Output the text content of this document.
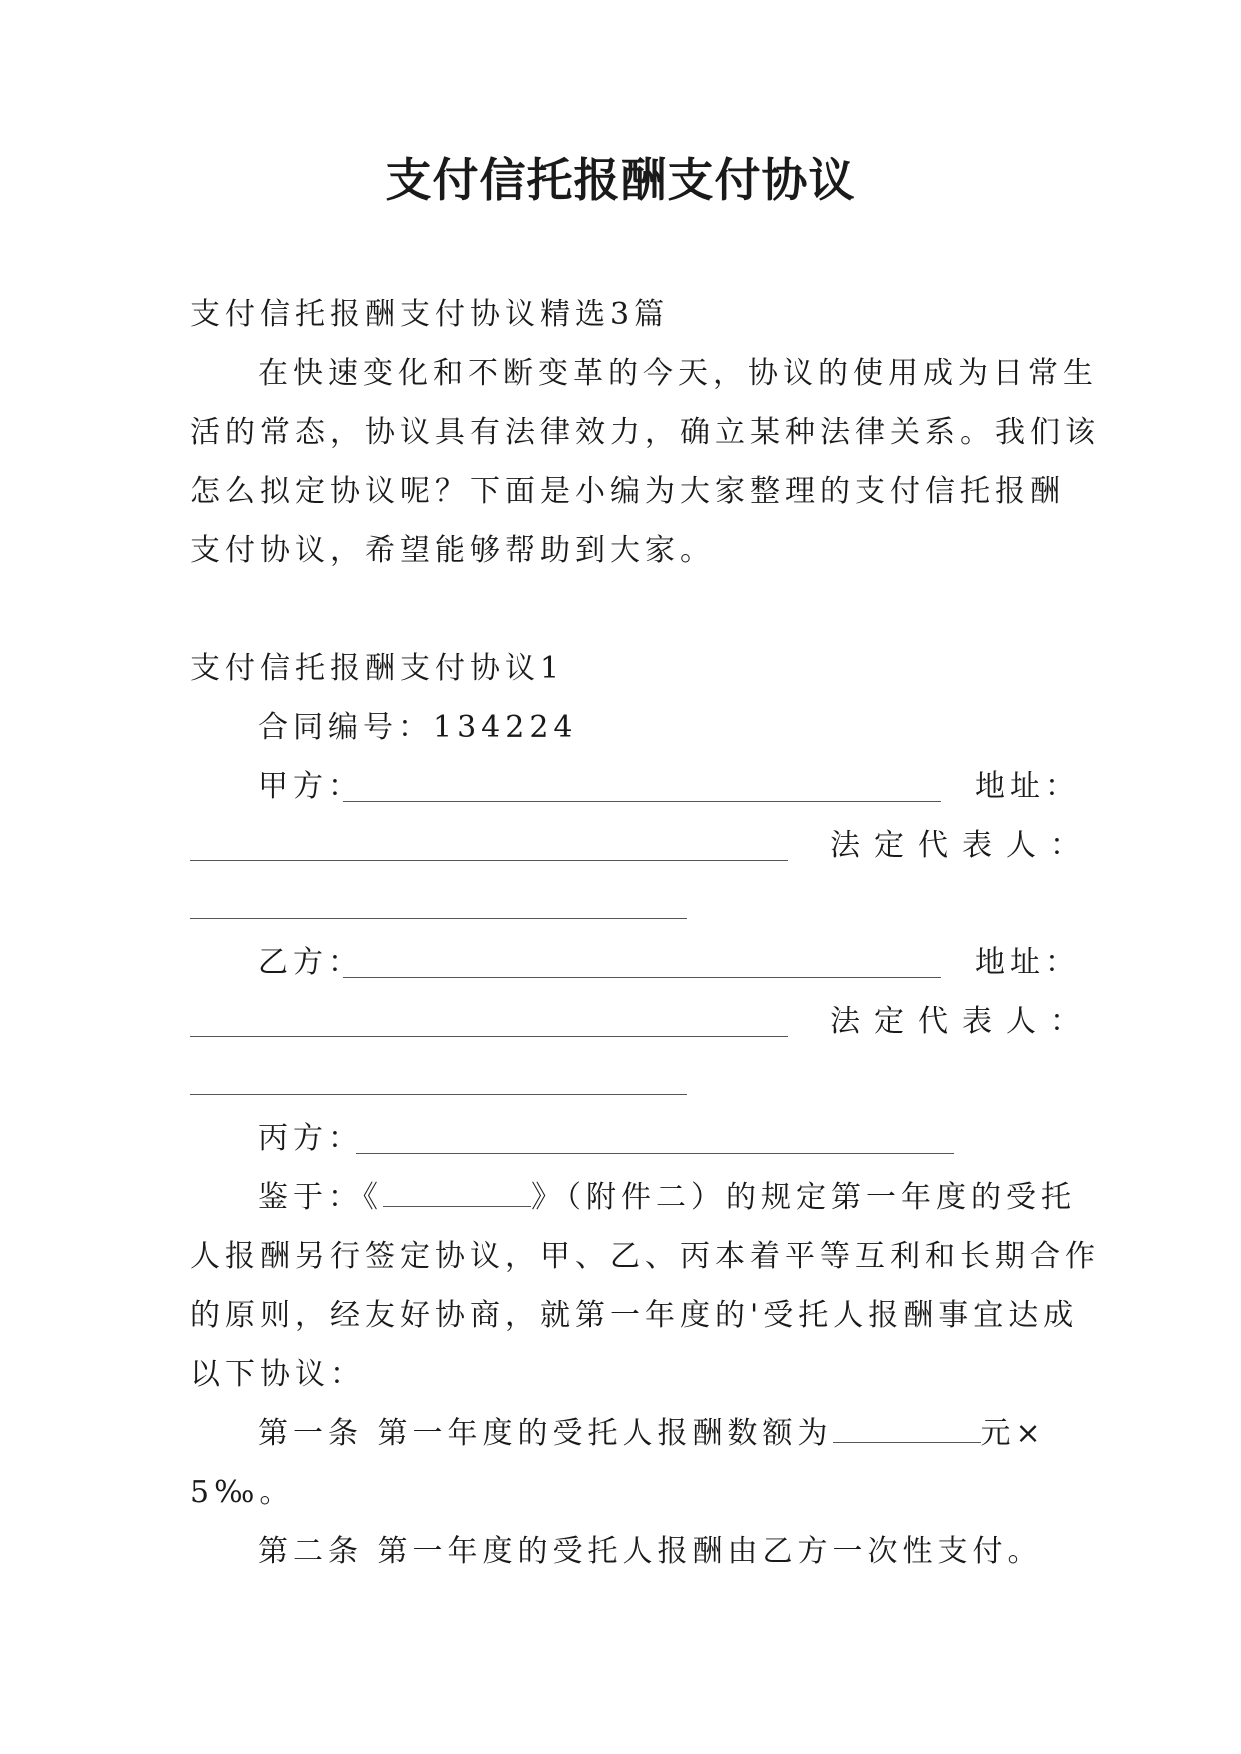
支付信托报酬支付协议
支付信托报酬支付协议精选3篇
在快速变化和不断变革的今天，协议的使用成为日常生
活的常态，协议具有法律效力，确立某种法律关系。我们该
怎么拟定协议呢？下面是小编为大家整理的支付信托报酬
支付协议，希望能够帮助到大家。
支付信托报酬支付协议1
合同编号：134224
甲方：	地址：
法定代表人：
乙方：	地址：
法定代表人：
丙方：
鉴于：《	》（附件二）的规定第一年度的受托
人报酬另行签定协议，甲、乙、丙本着平等互利和长期合作
的原则，经友好协商，就第一年度的'受托人报酬事宜达成
以下协议：
第一条 第一年度的受托人报酬数额为	元×
5‰。
第二条 第一年度的受托人报酬由乙方一次性支付。
